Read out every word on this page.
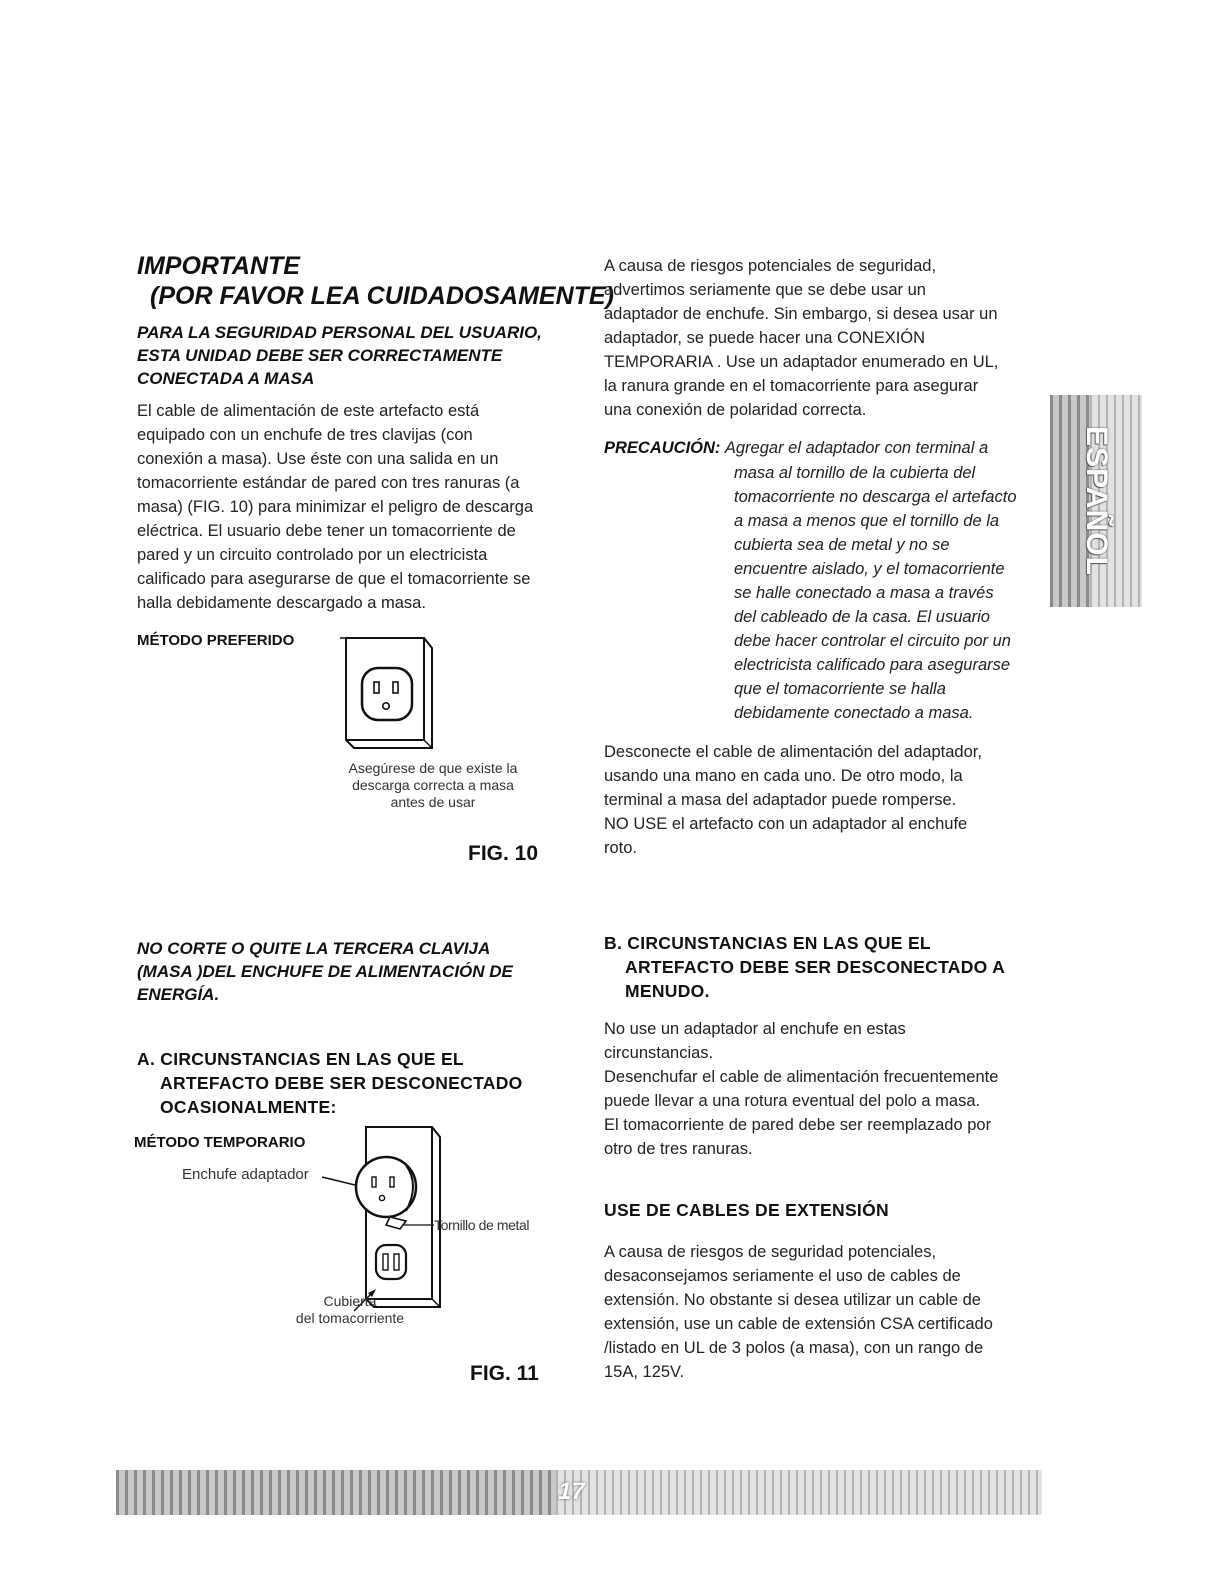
IMPORTANTE
(POR FAVOR LEA CUIDADOSAMENTE)
PARA LA SEGURIDAD PERSONAL DEL USUARIO,
ESTA UNIDAD DEBE SER CORRECTAMENTE
CONECTADA A MASA
El cable de alimentación de este artefacto está
equipado con un enchufe de tres clavijas (con
conexión a masa). Use éste con una salida en un
tomacorriente estándar de pared con tres ranuras (a
masa) (FIG. 10) para minimizar el peligro de descarga
eléctrica. El usuario debe tener un tomacorriente de
pared y un circuito controlado por un electricista
calificado para asegurarse de que el tomacorriente se
halla debidamente descargado a masa.
MÉTODO PREFERIDO
Asegúrese de que existe la
descarga correcta a masa
antes de usar
FIG. 10
NO CORTE O QUITE LA TERCERA CLAVIJA
(MASA )DEL ENCHUFE DE ALIMENTACIÓN DE
ENERGÍA.
A. CIRCUNSTANCIAS EN LAS QUE EL
ARTEFACTO DEBE SER DESCONECTADO
OCASIONALMENTE:
MÉTODO TEMPORARIO
Enchufe adaptador
Tornillo de metal
Cubierta
del tomacorriente
FIG. 11
A causa de riesgos potenciales de seguridad,
advertimos seriamente que se debe usar un
adaptador de enchufe. Sin embargo, si desea usar un
adaptador, se puede hacer una CONEXIÓN
TEMPORARIA . Use un adaptador enumerado en UL,
la ranura grande en el tomacorriente para asegurar
una conexión de polaridad correcta.
PRECAUCIÓN: Agregar el adaptador con terminal a
masa al tornillo de la cubierta del
tomacorriente no descarga el artefacto
a masa a menos que el tornillo de la
cubierta sea de metal y no se
encuentre aislado, y el tomacorriente
se halle conectado a masa a través
del cableado de la casa. El usuario
debe hacer controlar el circuito por un
electricista calificado para asegurarse
que el tomacorriente se halla
debidamente conectado a masa.
Desconecte el cable de alimentación del adaptador,
usando una mano en cada uno. De otro modo, la
terminal a masa del adaptador puede romperse.
NO USE el artefacto con un adaptador al enchufe
roto.
B. CIRCUNSTANCIAS EN LAS QUE EL
ARTEFACTO DEBE SER DESCONECTADO A
MENUDO.
No use un adaptador al enchufe en estas
circunstancias.
Desenchufar el cable de alimentación frecuentemente
puede llevar a una rotura eventual del polo a masa.
El tomacorriente de pared debe ser reemplazado por
otro de tres ranuras.
USE DE CABLES DE EXTENSIÓN
A causa de riesgos de seguridad potenciales,
desaconsejamos seriamente el uso de cables de
extensión. No obstante si desea utilizar un cable de
extensión, use un cable de extensión CSA certificado
/listado en UL de 3 polos (a masa), con un rango de
15A, 125V.
ESPAÑOL
17
